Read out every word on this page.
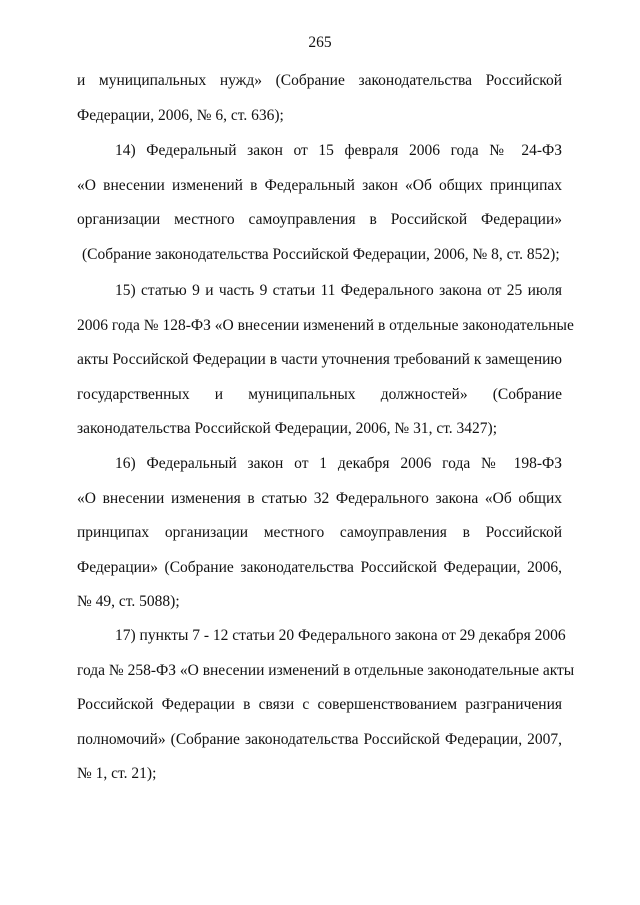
265
и муниципальных нужд» (Собрание законодательства Российской
Федерации, 2006, № 6, ст. 636);
14) Федеральный закон от 15 февраля 2006 года № 24-ФЗ
«О внесении изменений в Федеральный закон «Об общих принципах
организации местного самоуправления в Российской Федерации»
(Собрание законодательства Российской Федерации, 2006, № 8, ст. 852);
15) статью 9 и часть 9 статьи 11 Федерального закона от 25 июля
2006 года № 128-ФЗ «О внесении изменений в отдельные законодательные
акты Российской Федерации в части уточнения требований к замещению
государственных и муниципальных должностей» (Собрание
законодательства Российской Федерации, 2006, № 31, ст. 3427);
16) Федеральный закон от 1 декабря 2006 года № 198-ФЗ
«О внесении изменения в статью 32 Федерального закона «Об общих
принципах организации местного самоуправления в Российской
Федерации» (Собрание законодательства Российской Федерации, 2006,
№ 49, ст. 5088);
17) пункты 7 - 12 статьи 20 Федерального закона от 29 декабря 2006
года № 258-ФЗ «О внесении изменений в отдельные законодательные акты
Российской Федерации в связи с совершенствованием разграничения
полномочий» (Собрание законодательства Российской Федерации, 2007,
№ 1, ст. 21);
